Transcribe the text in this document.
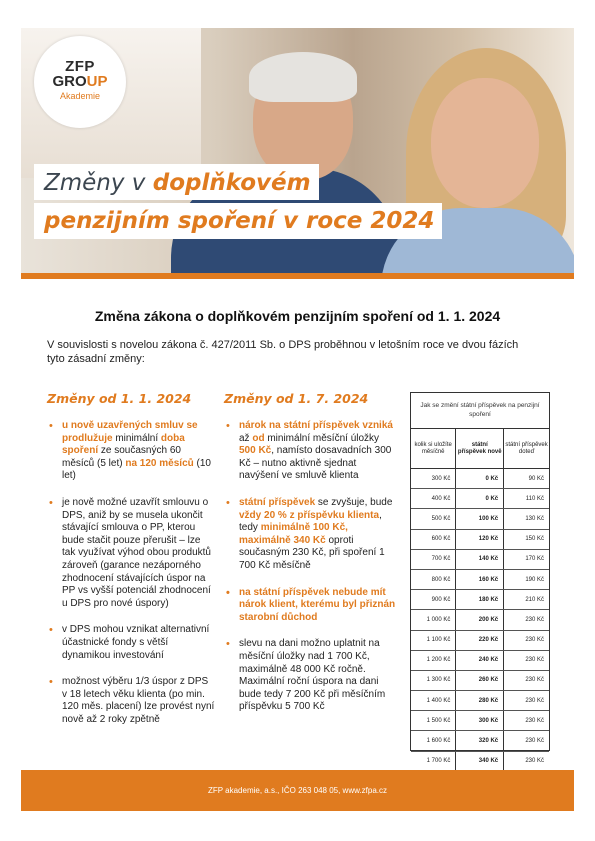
ZFP
GROUP
Akademie
Změny v doplňkovém
penzijním spoření v roce 2024
Změna zákona o doplňkovém penzijním spoření od 1. 1. 2024
V souvislosti s novelou zákona č. 427/2011 Sb. o DPS proběhnou v letošním roce ve dvou fázích tyto zásadní změny:
Změny od 1. 1. 2024
• u nově uzavřených smluv se prodlužuje minimální doba spoření ze současných 60 měsíců (5 let) na 120 měsíců (10 let)
• je nově možné uzavřít smlouvu o DPS, aniž by se musela ukončit stávající smlouva o PP, kterou bude stačit pouze přerušit – lze tak využívat výhod obou produktů zároveň (garance nezáporného zhodnocení stávajících úspor na PP vs vyšší potenciál zhodnocení u DPS pro nové úspory)
• v DPS mohou vznikat alternativní účastnické fondy s větší dynamikou investování
• možnost výběru 1/3 úspor z DPS v 18 letech věku klienta (po min. 120 měs. placení) lze provést nyní nově až 2 roky zpětně
Změny od 1. 7. 2024
• nárok na státní příspěvek vzniká až od minimální měsíční úložky 500 Kč, namísto dosavadních 300 Kč – nutno aktivně sjednat navýšení ve smluvě klienta
• státní příspěvek se zvyšuje, bude vždy 20 % z příspěvku klienta, tedy minimálně 100 Kč, maximálně 340 Kč oproti současným 230 Kč, při spoření 1 700 Kč měsíčně
• na státní příspěvek nebude mít nárok klient, kterému byl přiznán starobní důchod
• slevu na dani možno uplatnit na měsíční úložky nad 1 700 Kč, maximálně 48 000 Kč ročně. Maximální roční úspora na dani bude tedy 7 200 Kč při měsíčním příspěvku 5 700 Kč
Jak se změní státní příspěvek na penzijní spoření
kolik si uložíte měsíčně	státní příspěvek nově	státní příspěvek doteď
300 Kč	0 Kč	90 Kč
400 Kč	0 Kč	110 Kč
500 Kč	100 Kč	130 Kč
600 Kč	120 Kč	150 Kč
700 Kč	140 Kč	170 Kč
800 Kč	160 Kč	190 Kč
900 Kč	180 Kč	210 Kč
1 000 Kč	200 Kč	230 Kč
1 100 Kč	220 Kč	230 Kč
1 200 Kč	240 Kč	230 Kč
1 300 Kč	260 Kč	230 Kč
1 400 Kč	280 Kč	230 Kč
1 500 Kč	300 Kč	230 Kč
1 600 Kč	320 Kč	230 Kč
1 700 Kč	340 Kč	230 Kč
ZFP akademie, a.s., IČO 263 048 05, www.zfpa.cz
